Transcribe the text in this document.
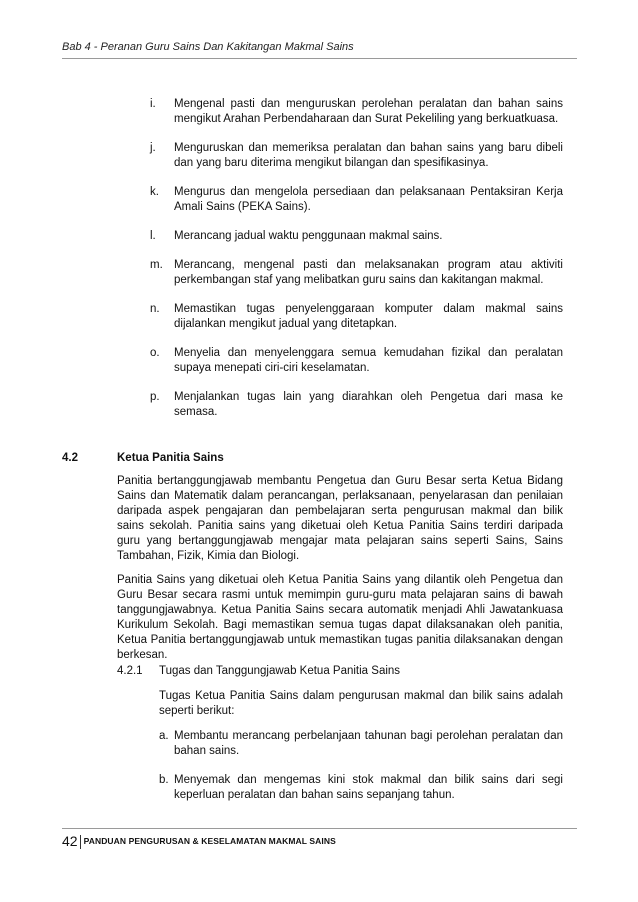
Bab 4 - Peranan Guru Sains Dan Kakitangan Makmal Sains
i.	Mengenal pasti dan menguruskan perolehan peralatan dan bahan sains mengikut Arahan Perbendaharaan dan Surat Pekeliling yang berkuatkuasa.
j.	Menguruskan dan memeriksa peralatan dan bahan sains yang baru dibeli dan yang baru diterima mengikut bilangan dan spesifikasinya.
k.	Mengurus dan mengelola persediaan dan pelaksanaan Pentaksiran Kerja Amali Sains (PEKA Sains).
l.	Merancang jadual waktu penggunaan makmal sains.
m. Merancang, mengenal pasti dan melaksanakan program atau aktiviti perkembangan staf yang melibatkan guru sains dan kakitangan makmal.
n.	Memastikan tugas penyelenggaraan komputer dalam makmal sains dijalankan mengikut jadual yang ditetapkan.
o.	Menyelia dan menyelenggara semua kemudahan fizikal dan peralatan supaya menepati ciri-ciri keselamatan.
p.	Menjalankan tugas lain yang diarahkan oleh Pengetua dari masa ke semasa.
4.2	Ketua Panitia Sains
Panitia bertanggungjawab membantu Pengetua dan Guru Besar serta Ketua Bidang Sains dan Matematik dalam perancangan, perlaksanaan, penyelarasan dan penilaian daripada aspek pengajaran dan pembelajaran serta pengurusan makmal dan bilik sains sekolah. Panitia sains yang diketuai oleh Ketua Panitia Sains terdiri daripada guru yang bertanggungjawab mengajar mata pelajaran sains seperti Sains, Sains Tambahan, Fizik, Kimia dan Biologi.
Panitia Sains yang diketuai oleh Ketua Panitia Sains yang dilantik oleh Pengetua dan Guru Besar secara rasmi untuk memimpin guru-guru mata pelajaran sains di bawah tanggungjawabnya. Ketua Panitia Sains secara automatik menjadi Ahli Jawatankuasa Kurikulum Sekolah. Bagi memastikan semua tugas dapat dilaksanakan oleh panitia, Ketua Panitia bertanggungjawab untuk memastikan tugas panitia dilaksanakan dengan berkesan.
4.2.1	Tugas dan Tanggungjawab Ketua Panitia Sains
Tugas Ketua Panitia Sains dalam pengurusan makmal dan bilik sains adalah seperti berikut:
a. Membantu merancang perbelanjaan tahunan bagi perolehan peralatan dan bahan sains.
b. Menyemak dan mengemas kini stok makmal dan bilik sains dari segi keperluan peralatan dan bahan sains sepanjang tahun.
42 PANDUAN PENGURUSAN & KESELAMATAN MAKMAL SAINS
